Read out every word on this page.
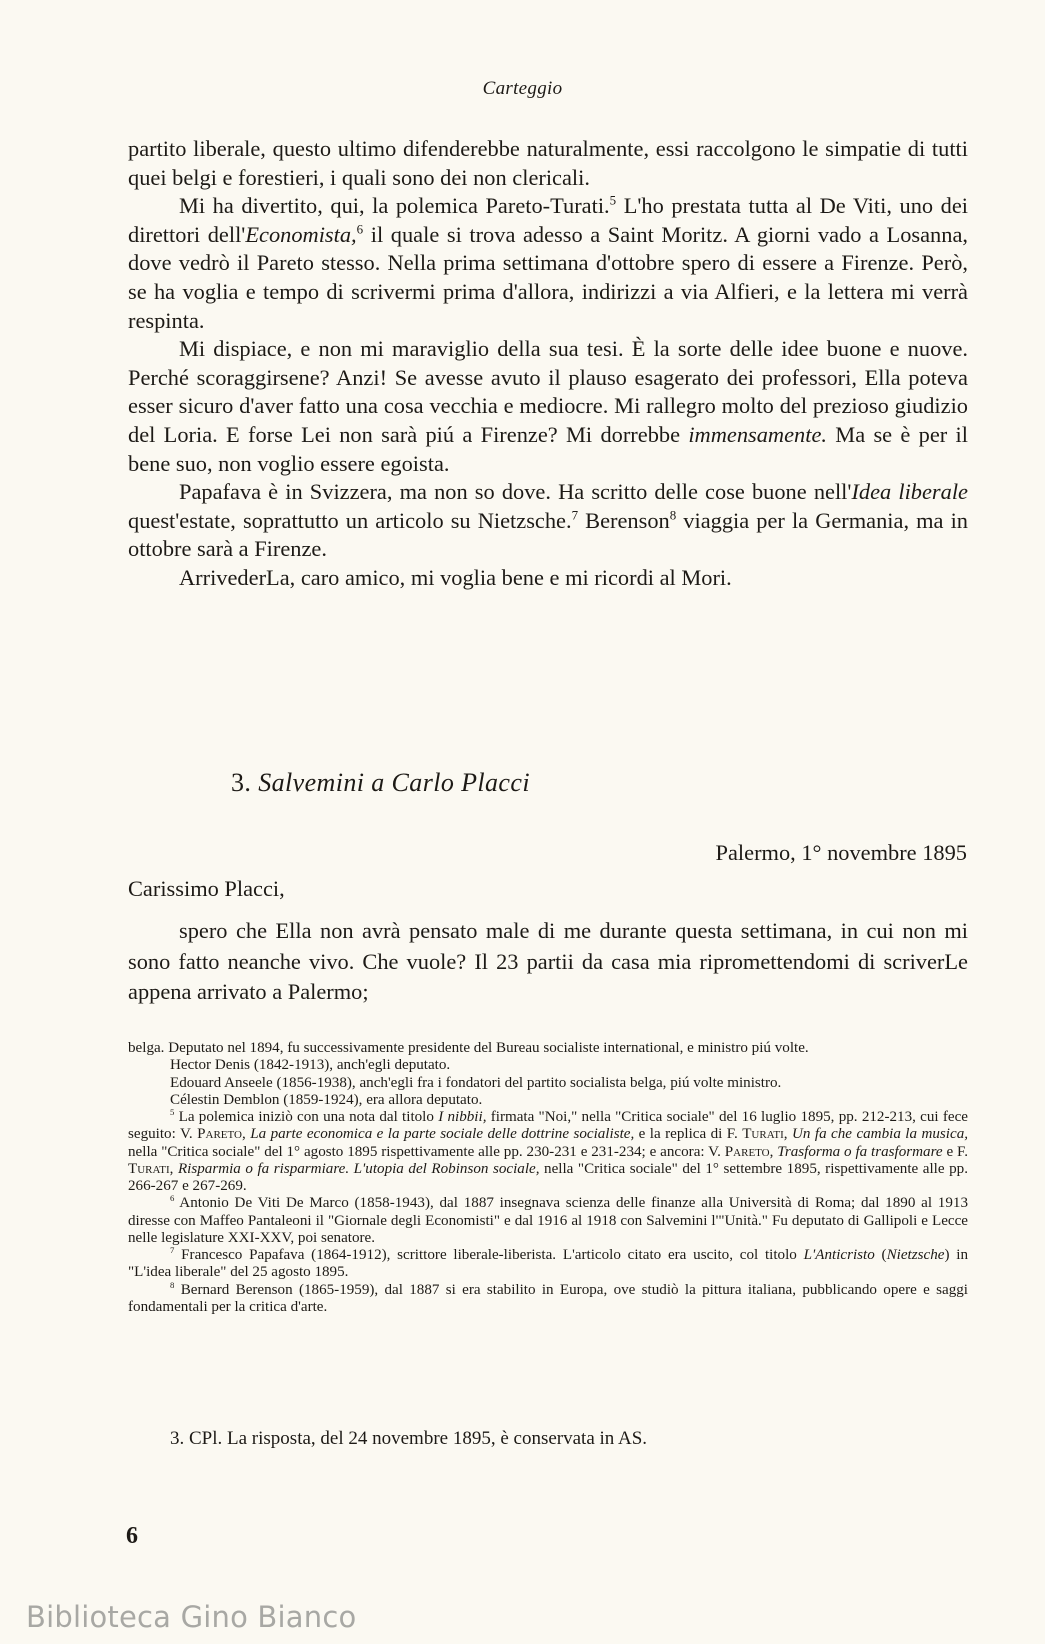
Carteggio

partito liberale, questo ultimo difenderebbe naturalmente, essi raccolgono le simpatie di tutti quei belgi e forestieri, i quali sono dei non clericali.

Mi ha divertito, qui, la polemica Pareto-Turati.$^5$ L'ho prestata tutta al De Viti, uno dei direttori dell'Economista,$^6$ il quale si trova adesso a Saint Moritz. A giorni vado a Losanna, dove vedrò il Pareto stesso. Nella prima settimana d'ottobre spero di essere a Firenze. Però, se ha voglia e tempo di scrivermi prima d'allora, indirizzi a via Alfieri, e la lettera mi verrà respinta.

Mi dispiace, e non mi maraviglio della sua tesi. È la sorte delle idee buone e nuove. Perché scoraggirsene? Anzi! Se avesse avuto il plauso esagerato dei professori, Ella poteva esser sicuro d'aver fatto una cosa vecchia e mediocre. Mi rallegro molto del prezioso giudizio del Loria. E forse Lei non sarà piú a Firenze? Mi dorrebbe immensamente. Ma se è per il bene suo, non voglio essere egoista.

Papafava è in Svizzera, ma non so dove. Ha scritto delle cose buone nell'Idea liberale quest'estate, soprattutto un articolo su Nietzsche.$^7$ Berenson$^8$ viaggia per la Germania, ma in ottobre sarà a Firenze.

ArrivederLa, caro amico, mi voglia bene e mi ricordi al Mori.

3. Salvemini a Carlo Placci
Palermo, 1° novembre 1895
Carissimo Placci,

spero che Ella non avrà pensato male di me durante questa settimana, in cui non mi sono fatto neanche vivo. Che vuole? Il 23 partii da casa mia ripromettendomi di scriverLe appena arrivato a Palermo;

belga. Deputato nel 1894, fu successivamente presidente del Bureau socialiste international, e ministro piú volte.

Hector Denis (1842-1913), anch'egli deputato.

Edouard Anseele (1856-1938), anch'egli fra i fondatori del partito socialista belga, piú volte ministro.

Célestin Demblon (1859-1924), era allora deputato.

$^5$ La polemica iniziò con una nota dal titolo I nibbii, firmata "Noi," nella "Critica sociale" del 16 luglio 1895, pp. 212-213, cui fece seguito: V. Pareto, La parte economica e la parte sociale delle dottrine socialiste, e la replica di F. Turati, Un fa che cambia la musica, nella "Critica sociale" del 1° agosto 1895 rispettivamente alle pp. 230-231 e 231-234; e ancora: V. Pareto, Trasforma o fa trasformare e F. Turati, Risparmia o fa risparmiare. L'utopia del Robinson sociale, nella "Critica sociale" del 1° settembre 1895, rispettivamente alle pp. 266-267 e 267-269.

$^6$ Antonio De Viti De Marco (1858-1943), dal 1887 insegnava scienza delle finanze alla Università di Roma; dal 1890 al 1913 diresse con Maffeo Pantaleoni il "Giornale degli Economisti" e dal 1916 al 1918 con Salvemini l'"Unità." Fu deputato di Gallipoli e Lecce nelle legislature XXI-XXV, poi senatore.

$^7$ Francesco Papafava (1864-1912), scrittore liberale-liberista. L'articolo citato era uscito, col titolo L'Anticristo (Nietzsche) in "L'idea liberale" del 25 agosto 1895.

$^8$ Bernard Berenson (1865-1959), dal 1887 si era stabilito in Europa, ove studiò la pittura italiana, pubblicando opere e saggi fondamentali per la critica d'arte.

3. CPl. La risposta, del 24 novembre 1895, è conservata in AS.
6
Biblioteca Gino Bianco
